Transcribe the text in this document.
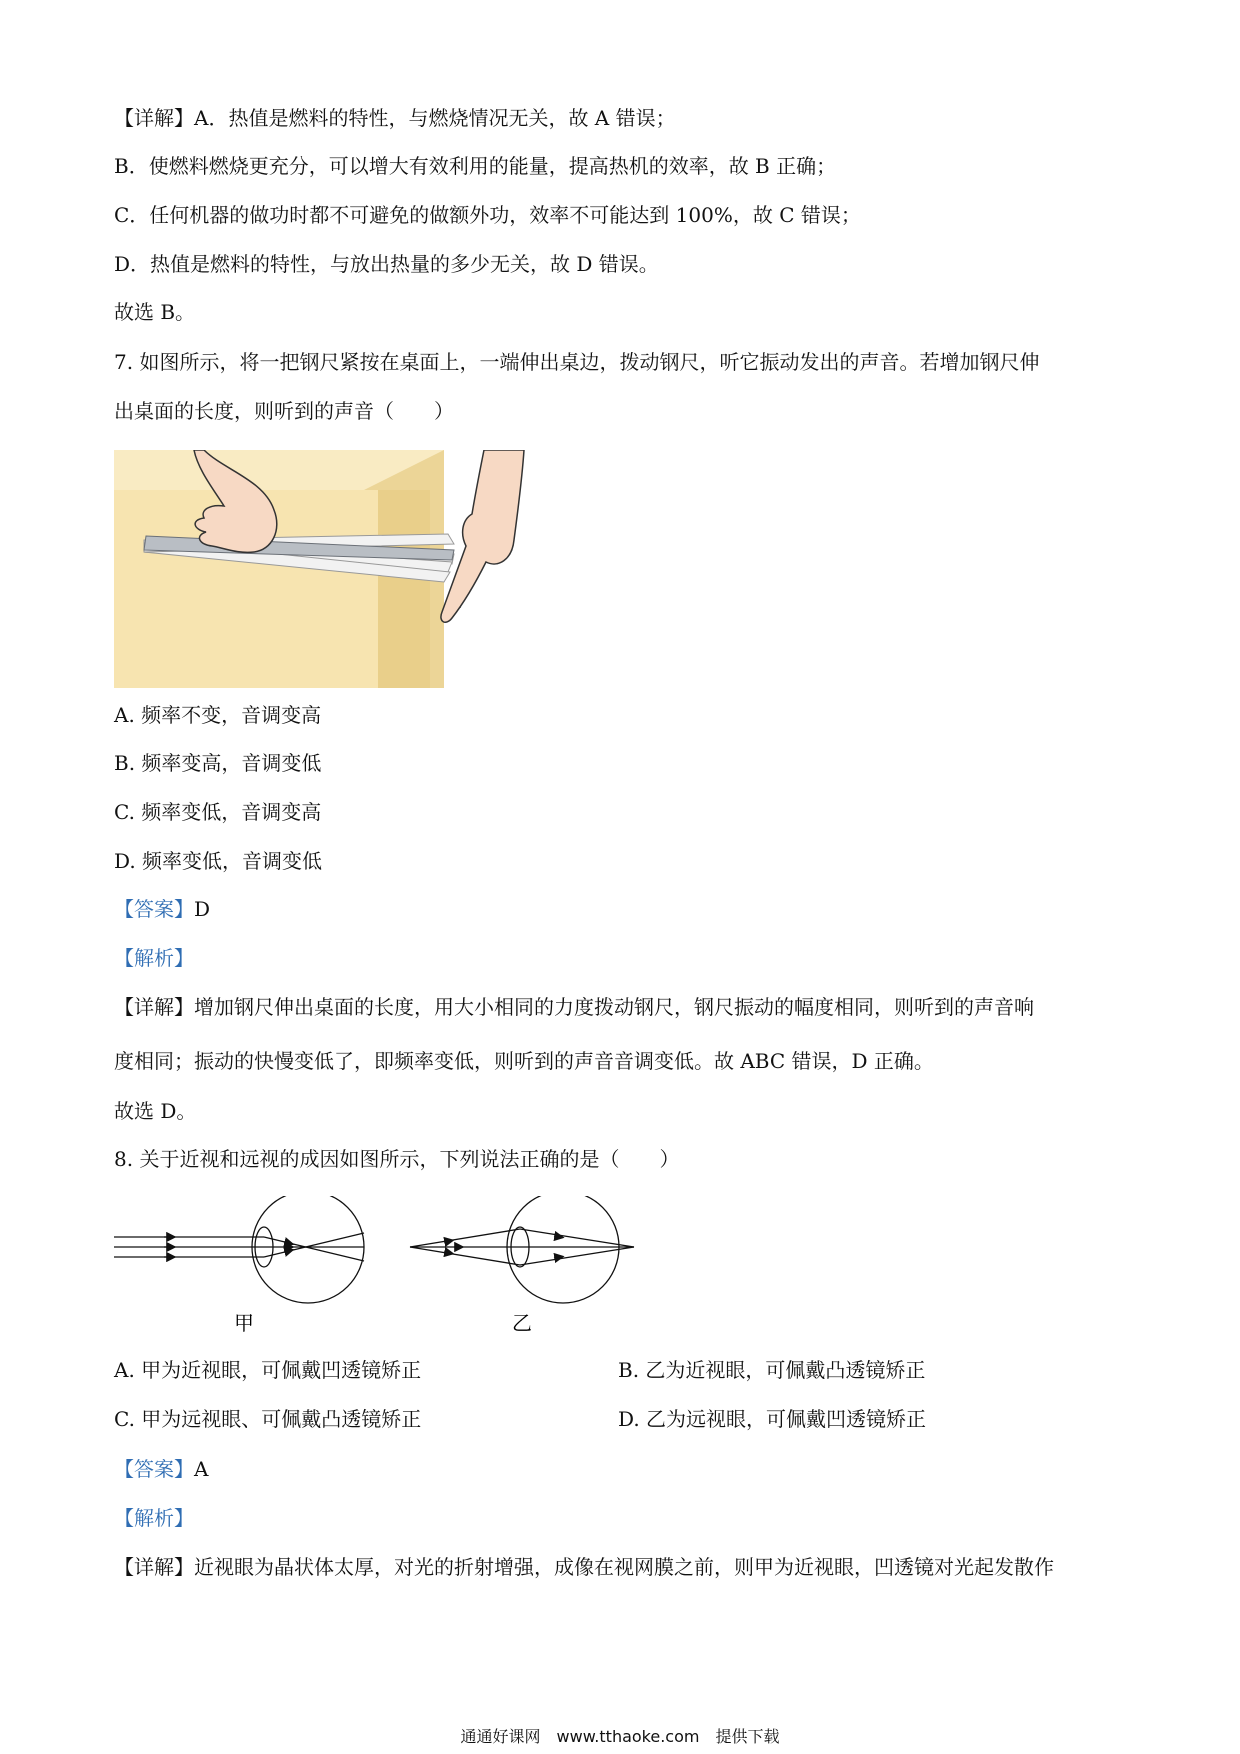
【详解】A．热值是燃料的特性，与燃烧情况无关，故 A 错误；

B．使燃料燃烧更充分，可以增大有效利用的能量，提高热机的效率，故 B 正确；

C．任何机器的做功时都不可避免的做额外功，效率不可能达到 100%，故 C 错误；

D．热值是燃料的特性，与放出热量的多少无关，故 D 错误。

故选 B。

7. 如图所示，将一把钢尺紧按在桌面上，一端伸出桌边，拨动钢尺，听它振动发出的声音。若增加钢尺伸

出桌面的长度，则听到的声音（　　）

A. 频率不变，音调变高

B. 频率变高，音调变低

C. 频率变低，音调变高

D. 频率变低，音调变低

【答案】D

【解析】

【详解】增加钢尺伸出桌面的长度，用大小相同的力度拨动钢尺，钢尺振动的幅度相同，则听到的声音响

度相同；振动的快慢变低了，即频率变低，则听到的声音音调变低。故 ABC 错误，D 正确。

故选 D。

8. 关于近视和远视的成因如图所示，下列说法正确的是（　　）

甲	乙
A. 甲为近视眼，可佩戴凹透镜矫正	B. 乙为近视眼，可佩戴凸透镜矫正
C. 甲为远视眼、可佩戴凸透镜矫正	D. 乙为远视眼，可佩戴凹透镜矫正

【答案】A

【解析】

【详解】近视眼为晶状体太厚，对光的折射增强，成像在视网膜之前，则甲为近视眼，凹透镜对光起发散作

通通好课网　www.tthaoke.com　提供下载
